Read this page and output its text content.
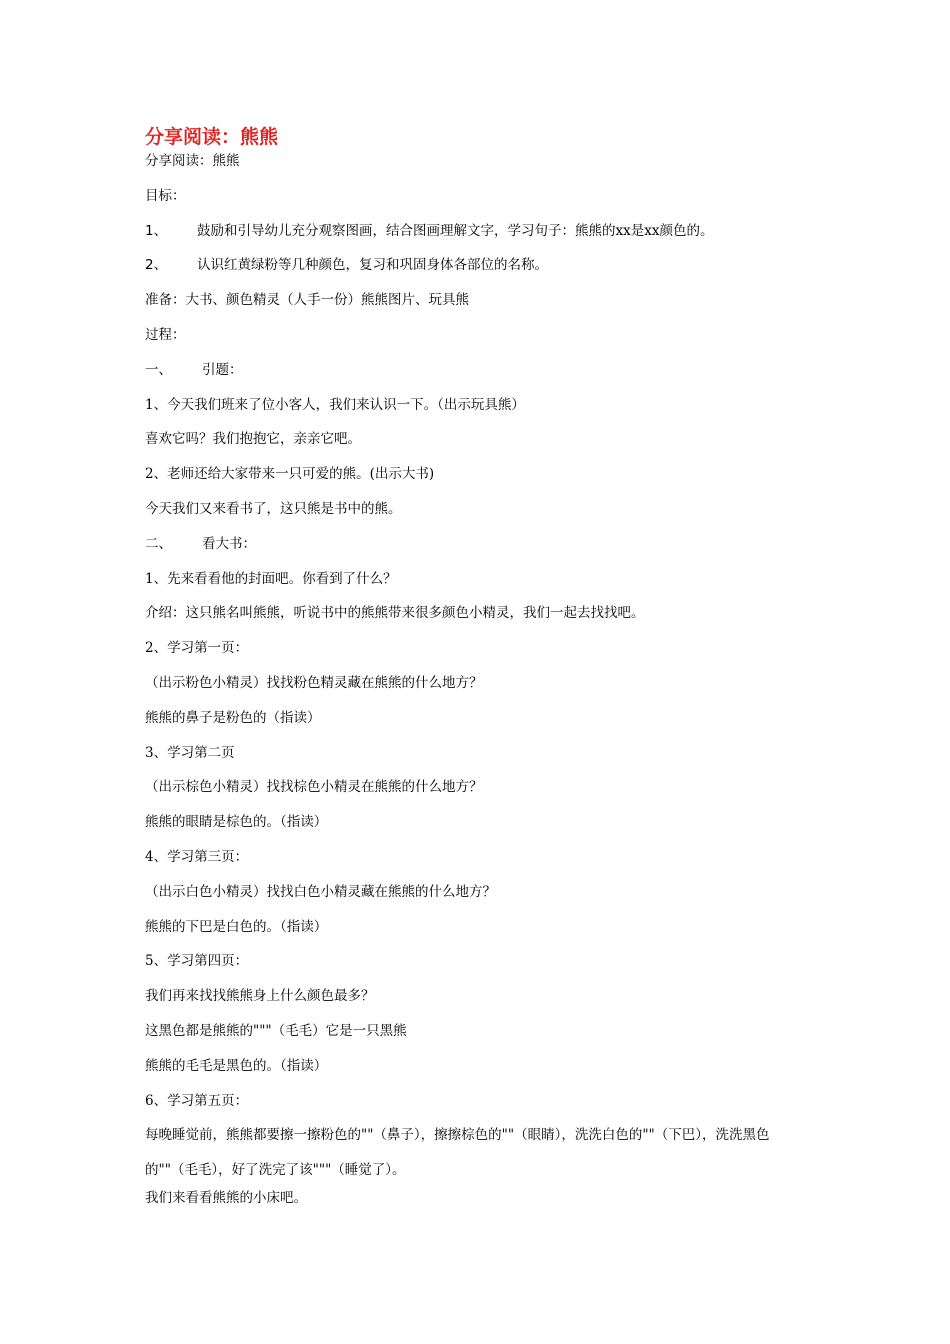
分享阅读：熊熊
分享阅读：熊熊
目标：
1、 鼓励和引导幼儿充分观察图画，结合图画理解文字，学习句子：熊熊的xx是xx颜色的。
2、 认识红黄绿粉等几种颜色，复习和巩固身体各部位的名称。
准备：大书、颜色精灵（人手一份）熊熊图片、玩具熊
过程：
一、 引题：
1、今天我们班来了位小客人，我们来认识一下。（出示玩具熊）
喜欢它吗？我们抱抱它，亲亲它吧。
2、老师还给大家带来一只可爱的熊。(出示大书)
今天我们又来看书了，这只熊是书中的熊。
二、 看大书：
1、先来看看他的封面吧。你看到了什么？
介绍：这只熊名叫熊熊，听说书中的熊熊带来很多颜色小精灵，我们一起去找找吧。
2、学习第一页：
（出示粉色小精灵）找找粉色精灵藏在熊熊的什么地方？
熊熊的鼻子是粉色的（指读）
3、学习第二页
（出示棕色小精灵）找找棕色小精灵在熊熊的什么地方？
熊熊的眼睛是棕色的。（指读）
4、学习第三页：
（出示白色小精灵）找找白色小精灵藏在熊熊的什么地方？
熊熊的下巴是白色的。（指读）
5、学习第四页：
我们再来找找熊熊身上什么颜色最多？
这黑色都是熊熊的"""（毛毛）它是一只黑熊
熊熊的毛毛是黑色的。（指读）
6、学习第五页：
每晚睡觉前，熊熊都要擦一擦粉色的""（鼻子），擦擦棕色的""（眼睛），洗洗白色的""（下巴），洗洗黑色的""（毛毛），好了洗完了该"""（睡觉了）。
我们来看看熊熊的小床吧。
